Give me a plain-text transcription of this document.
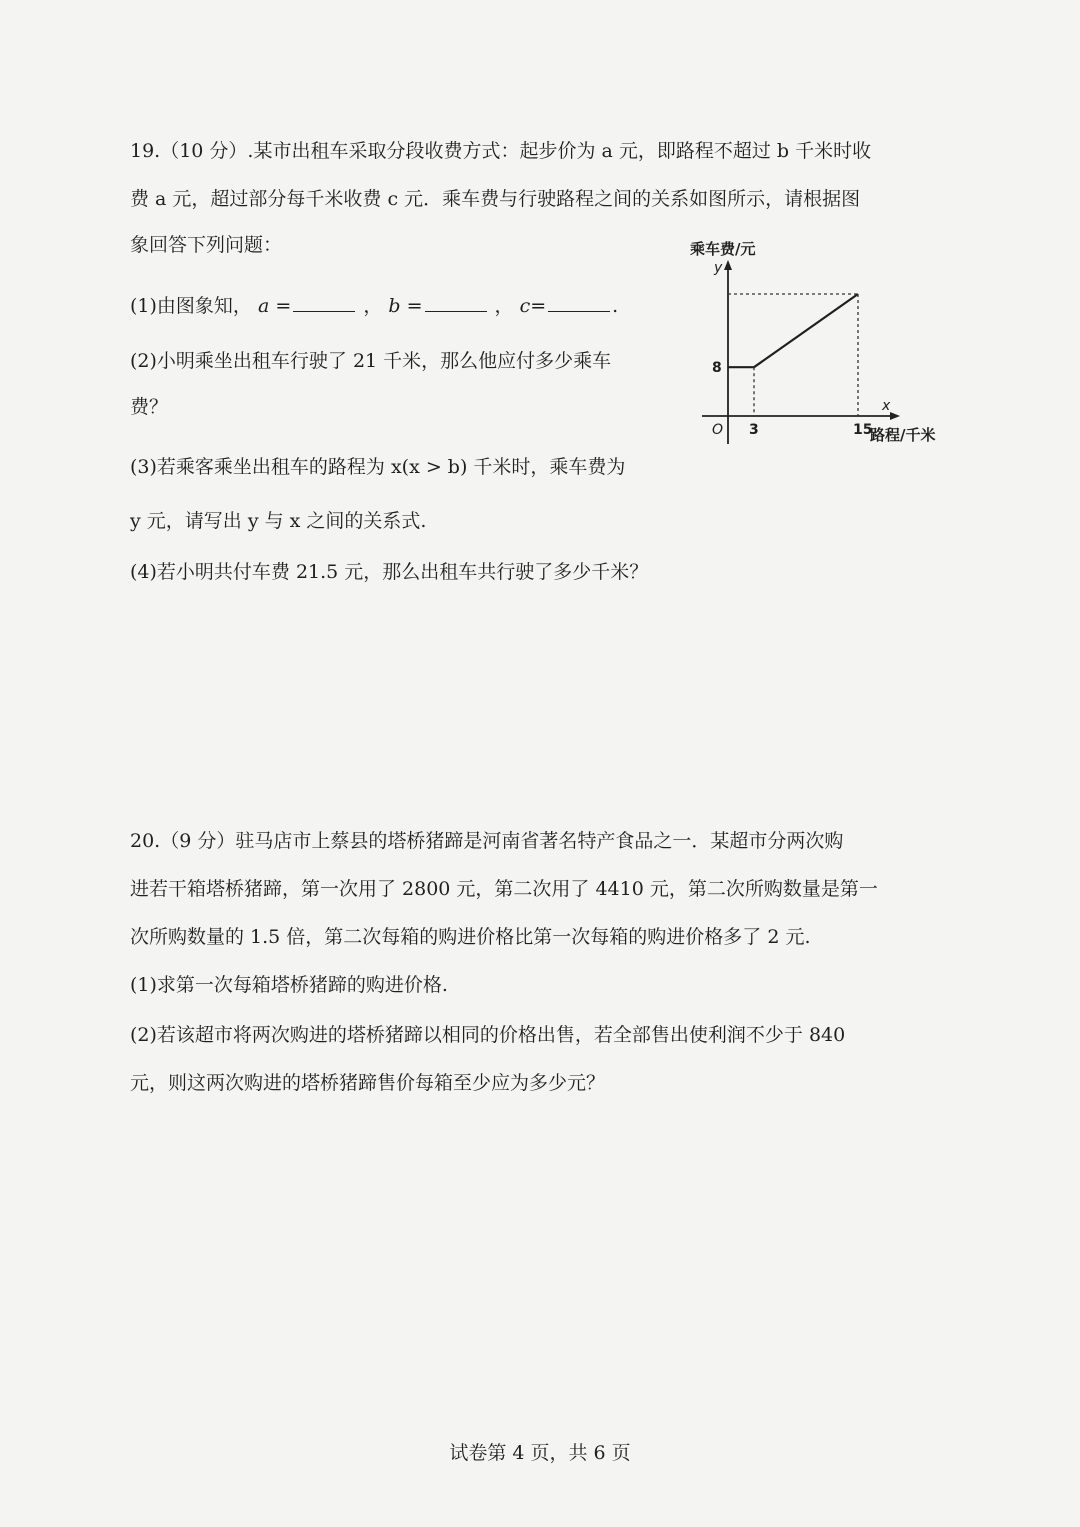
19.（10 分）.某市出租车采取分段收费方式：起步价为 a 元，即路程不超过 b 千米时收
费 a 元，超过部分每千米收费 c 元．乘车费与行驶路程之间的关系如图所示，请根据图
象回答下列问题：
(1)由图象知， a =	， b =	， c=	.
(2)小明乘坐出租车行驶了 21 千米，那么他应付多少乘车
费？
(3)若乘客乘坐出租车的路程为 x(x > b) 千米时，乘车费为
y 元，请写出 y 与 x 之间的关系式.
(4)若小明共付车费 21.5 元，那么出租车共行驶了多少千米？
乘车费/元
y
x
O	路程/千米
3	15
8
20.（9 分）驻马店市上蔡县的塔桥猪蹄是河南省著名特产食品之一．某超市分两次购
进若干箱塔桥猪蹄，第一次用了 2800 元，第二次用了 4410 元，第二次所购数量是第一
次所购数量的 1.5 倍，第二次每箱的购进价格比第一次每箱的购进价格多了 2 元.
(1)求第一次每箱塔桥猪蹄的购进价格.
(2)若该超市将两次购进的塔桥猪蹄以相同的价格出售，若全部售出使利润不少于 840
元，则这两次购进的塔桥猪蹄售价每箱至少应为多少元？
试卷第 4 页，共 6 页
